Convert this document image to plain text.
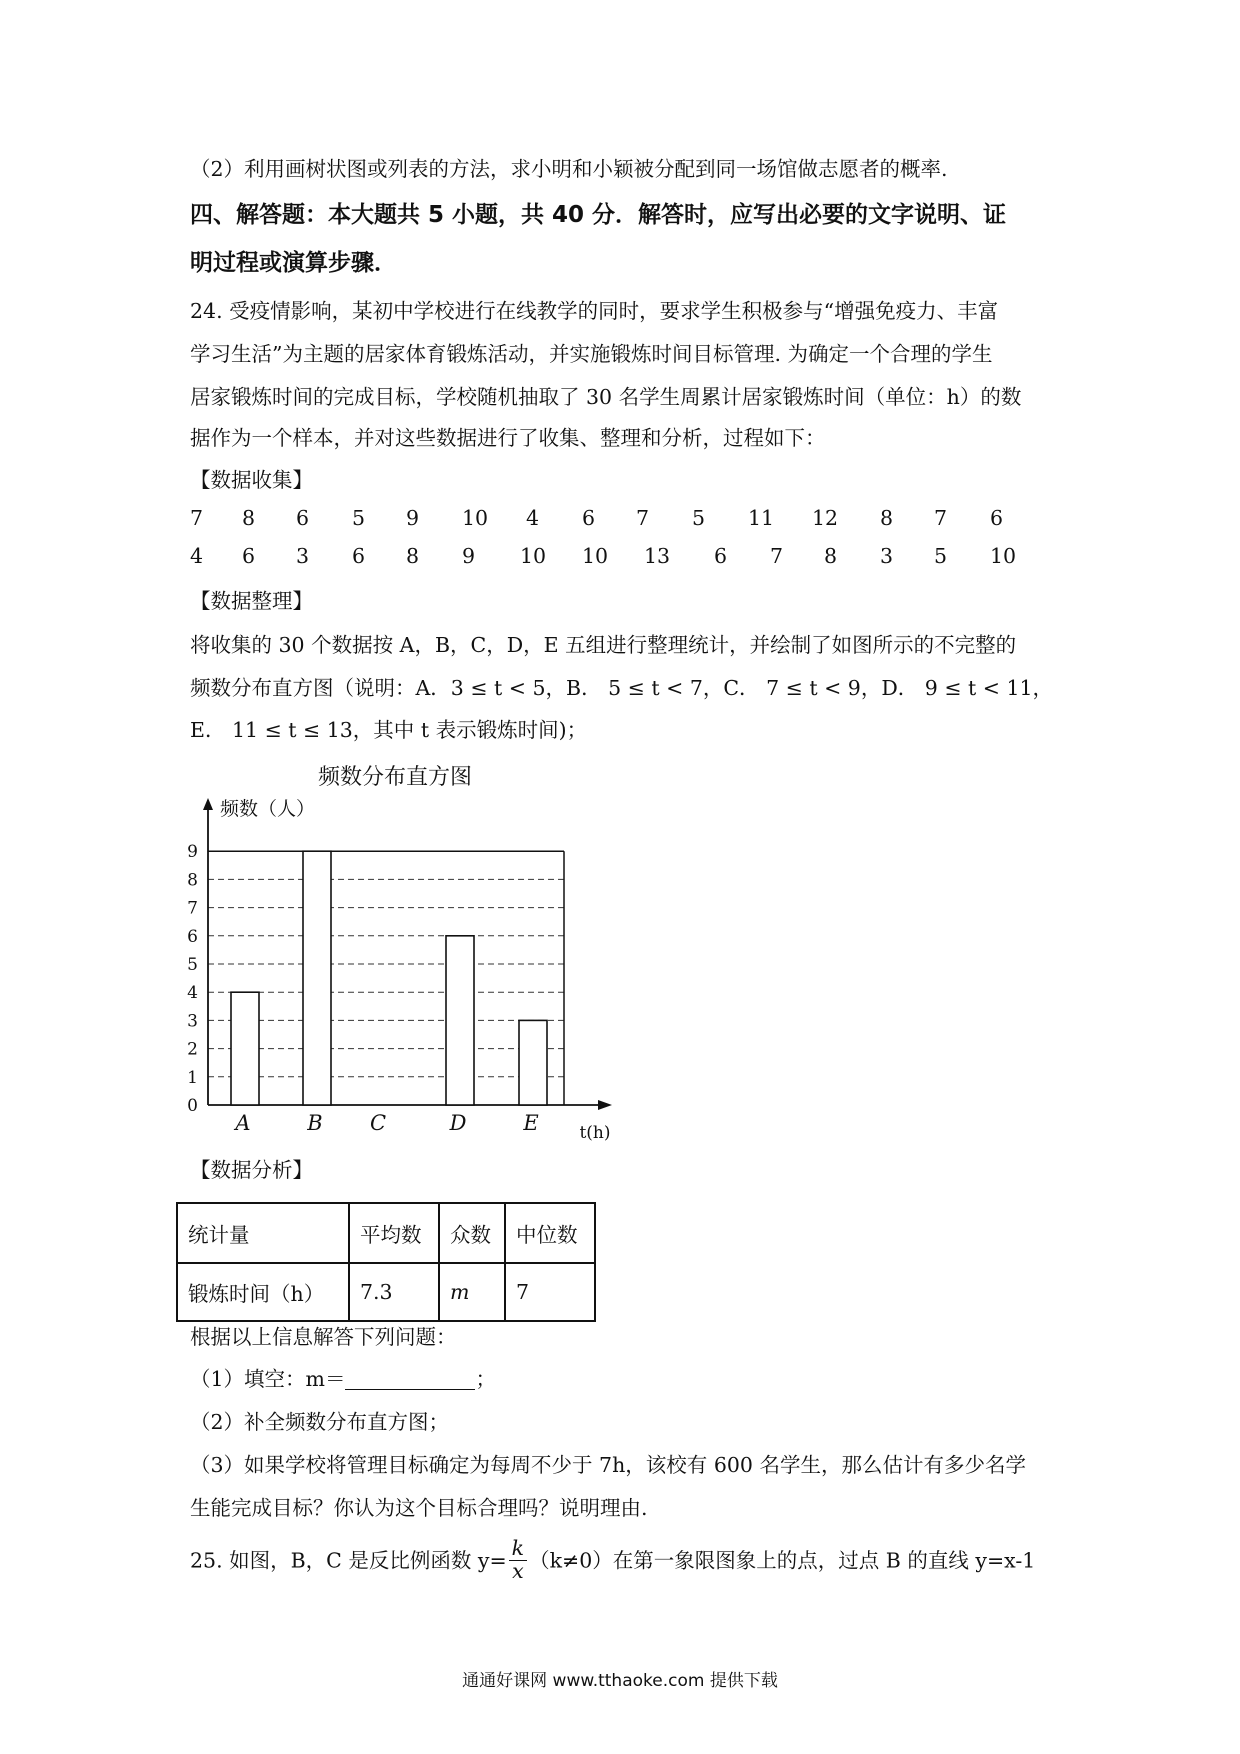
（2）利用画树状图或列表的方法，求小明和小颖被分配到同一场馆做志愿者的概率.
四、解答题：本大题共 5 小题，共 40 分．解答时，应写出必要的文字说明、证
明过程或演算步骤．
24. 受疫情影响，某初中学校进行在线教学的同时，要求学生积极参与“增强免疫力、丰富
学习生活”为主题的居家体育锻炼活动，并实施锻炼时间目标管理. 为确定一个合理的学生
居家锻炼时间的完成目标，学校随机抽取了 30 名学生周累计居家锻炼时间（单位：h）的数
据作为一个样本，并对这些数据进行了收集、整理和分析，过程如下：
【数据收集】
7 8 6 5 9 10 4 6 7 5 11 12 8 7 6
4 6 3 6 8 9 10 10 13 6 7 8 3 5 10
【数据整理】
将收集的 30 个数据按 A，B，C，D，E 五组进行整理统计，并绘制了如图所示的不完整的
频数分布直方图（说明：A．3 ≤ t < 5，B． 5 ≤ t < 7，C． 7 ≤ t < 9，D． 9 ≤ t < 11，
E． 11 ≤ t ≤ 13，其中 t 表示锻炼时间)；
频数分布直方图
频数（人）
0
1
2
3
4
5
6
7
8
9
A	B C	D	E t(h)
【数据分析】
统计量	平均数	众数	中位数
锻炼时间（h）	7.3	m	7
根据以上信息解答下列问题：
（1）填空：m＝	；
（2）补全频数分布直方图；
（3）如果学校将管理目标确定为每周不少于 7h，该校有 600 名学生，那么估计有多少名学
生能完成目标？你认为这个目标合理吗？说明理由.
25. 如图，B，C 是反比例函数 $y= \frac{k}{x} (k\ne 0)$在第一象限图象上的点，过点 B 的直线 y=x-1
通通好课网 www.tthaoke.com 提供下载
